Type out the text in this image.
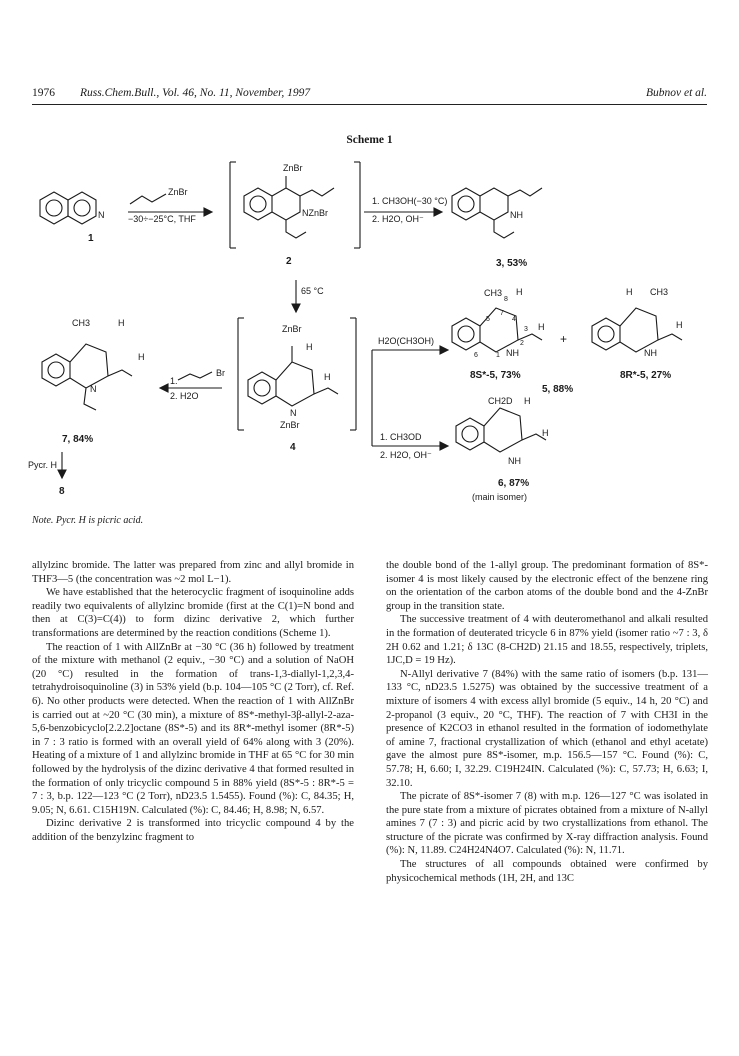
1976 Russ.Chem.Bull., Vol. 46, No. 11, November, 1997	Bubnov et al.
Scheme 1
ZnBr
ZnBr
−30÷−25°C, THF
NZnBr
1. CH3OH(−30 °C)
2. H2O, OH⁻	NH
N
1
2	3, 53%
65 °C
CH3	H
H
N
7, 84%
Pycr. H
8
Br
1.
2. H2O
ZnBr
H
H
N
ZnBr
4
H2O(CH3OH)
CH3
8
H
7
5	4
3 H
2
6	1 NH
8S*-5, 73%
+
5, 88%
H CH3
H
NH
8R*-5, 27%
CH2D H
H
1. CH3OD
2. H2O, OH⁻
NH
6, 87%
(main isomer)
Note. Pycr. H is picric acid.

allylzinc bromide. The latter was prepared from zinc and allyl bromide in THF3—5 (the concentration was ~2 mol L−1).

We have established that the heterocyclic fragment of isoquinoline adds readily two equivalents of allylzinc bromide (first at the C(1)=N bond and then at C(3)=C(4)) to form dizinc derivative 2, which further transformations are determined by the reaction conditions (Scheme 1).

The reaction of 1 with AllZnBr at −30 °C (36 h) followed by treatment of the mixture with methanol (2 equiv., −30 °C) and a solution of NaOH (20 °C) resulted in the formation of trans-1,3-diallyl-1,2,3,4-tetrahydroisoquinoline (3) in 53% yield (b.p. 104—105 °C (2 Torr), cf. Ref. 6). No other products were detected. When the reaction of 1 with AllZnBr is carried out at ~20 °C (30 min), a mixture of 8S*-methyl-3β-allyl-2-aza-5,6-benzobicyclo[2.2.2]octane (8S*-5) and its 8R*-methyl isomer (8R*-5) in 7 : 3 ratio is formed with an overall yield of 64% along with 3 (20%). Heating of a mixture of 1 and allylzinc bromide in THF at 65 °C for 30 min followed by the hydrolysis of the dizinc derivative 4 that formed resulted in the formation of only tricyclic compound 5 in 88% yield (8S*-5 : 8R*-5 = 7 : 3, b.p. 122—123 °C (2 Torr), nD23.5 1.5455). Found (%): C, 84.35; H, 9.05; N, 6.61. C15H19N. Calculated (%): C, 84.46; H, 8.98; N, 6.57.

Dizinc derivative 2 is transformed into tricyclic compound 4 by the addition of the benzylzinc fragment to

the double bond of the 1-allyl group. The predominant formation of 8S*-isomer 4 is most likely caused by the electronic effect of the benzene ring on the orientation of the carbon atoms of the double bond and the 4-ZnBr group in the transition state.

The successive treatment of 4 with deuteromethanol and alkali resulted in the formation of deuterated tricycle 6 in 87% yield (isomer ratio ~7 : 3, δ 2H 0.62 and 1.21; δ 13C (8-CH2D) 21.15 and 18.55, respectively, triplets, 1JC,D = 19 Hz).

N-Allyl derivative 7 (84%) with the same ratio of isomers (b.p. 131—133 °C, nD23.5 1.5275) was obtained by the successive treatment of a mixture of isomers 4 with excess allyl bromide (5 equiv., 14 h, 20 °C) and 2-propanol (3 equiv., 20 °C, THF). The reaction of 7 with CH3I in the presence of K2CO3 in ethanol resulted in the formation of iodomethylate of amine 7, fractional crystallization of which (ethanol and ethyl acetate) gave the almost pure 8S*-isomer, m.p. 156.5—157 °C. Found (%): C, 57.78; H, 6.60; I, 32.29. C19H24IN. Calculated (%): C, 57.73; H, 6.63; I, 32.10.

The picrate of 8S*-isomer 7 (8) with m.p. 126—127 °C was isolated in the pure state from a mixture of picrates obtained from a mixture of N-allyl amines 7 (7 : 3) and picric acid by two crystallizations from ethanol. The structure of the picrate was confirmed by X-ray diffraction analysis. Found (%): N, 11.89. C24H24N4O7. Calculated (%): N, 11.71.

The structures of all compounds obtained were confirmed by physicochemical methods (1H, 2H, and 13C
